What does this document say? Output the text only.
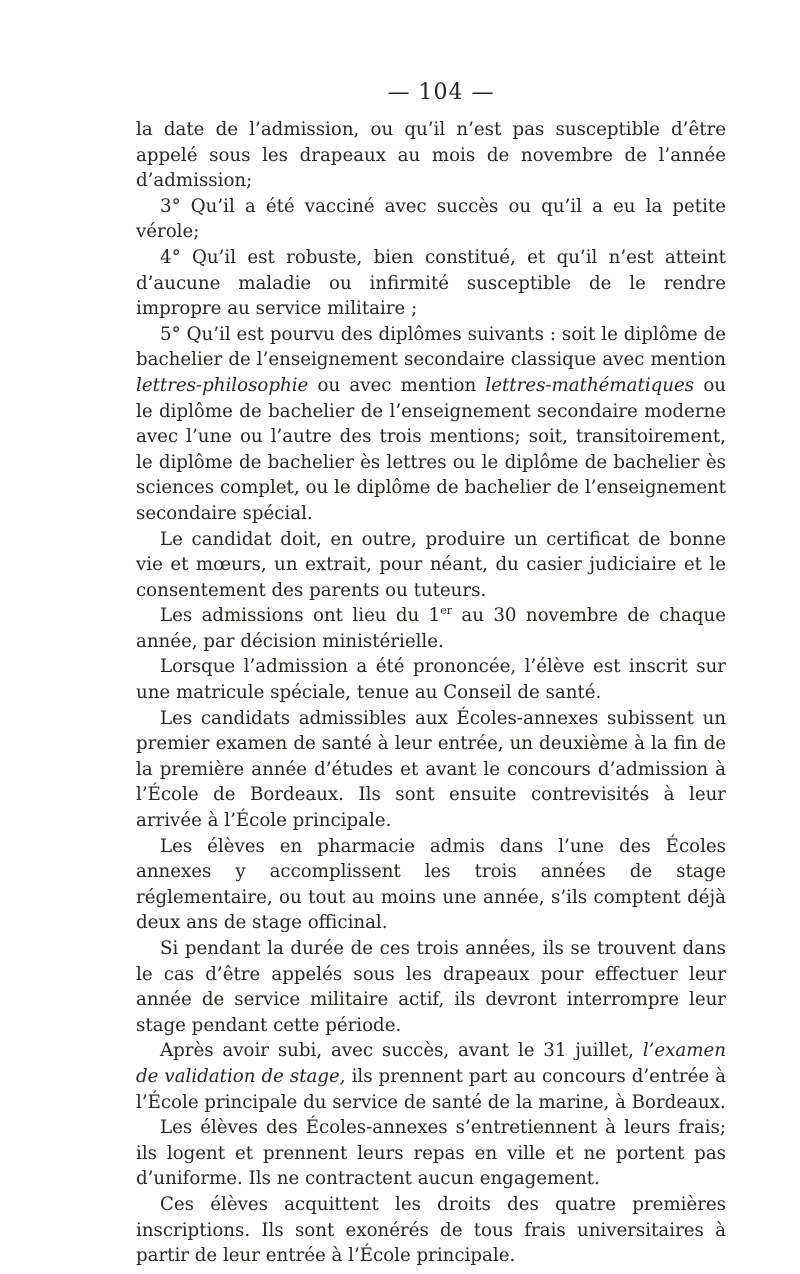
— 104 —

la date de l’admission, ou qu’il n’est pas susceptible d’être appelé sous les drapeaux au mois de novembre de l’année d’admission;

3° Qu’il a été vacciné avec succès ou qu’il a eu la petite vérole;

4° Qu’il est robuste, bien constitué, et qu’il n’est atteint d’aucune maladie ou infirmité susceptible de le rendre impropre au service militaire ;

5° Qu’il est pourvu des diplômes suivants : soit le diplôme de bachelier de l’enseignement secondaire classique avec mention lettres-philosophie ou avec mention lettres-mathématiques ou le diplôme de bachelier de l’enseignement secondaire moderne avec l’une ou l’autre des trois mentions; soit, transitoirement, le diplôme de bachelier ès lettres ou le diplôme de bachelier ès sciences complet, ou le diplôme de bachelier de l’enseignement secondaire spécial.

Le candidat doit, en outre, produire un certificat de bonne vie et mœurs, un extrait, pour néant, du casier judiciaire et le consentement des parents ou tuteurs.

Les admissions ont lieu du 1er au 30 novembre de chaque année, par décision ministérielle.

Lorsque l’admission a été prononcée, l’élève est inscrit sur une matricule spéciale, tenue au Conseil de santé.

Les candidats admissibles aux Écoles-annexes subissent un premier examen de santé à leur entrée, un deuxième à la fin de la première année d’études et avant le concours d’admission à l’École de Bordeaux. Ils sont ensuite contrevisités à leur arrivée à l’École principale.

Les élèves en pharmacie admis dans l’une des Écoles annexes y accomplissent les trois années de stage réglementaire, ou tout au moins une année, s’ils comptent déjà deux ans de stage officinal.

Si pendant la durée de ces trois années, ils se trouvent dans le cas d’être appelés sous les drapeaux pour effectuer leur année de service militaire actif, ils devront interrompre leur stage pendant cette période.

Après avoir subi, avec succès, avant le 31 juillet, l’examen de validation de stage, ils prennent part au concours d’entrée à l’École principale du service de santé de la marine, à Bordeaux.

Les élèves des Écoles-annexes s’entretiennent à leurs frais; ils logent et prennent leurs repas en ville et ne portent pas d’uniforme. Ils ne contractent aucun engagement.

Ces élèves acquittent les droits des quatre premières inscriptions. Ils sont exonérés de tous frais universitaires à partir de leur entrée à l’École principale.
